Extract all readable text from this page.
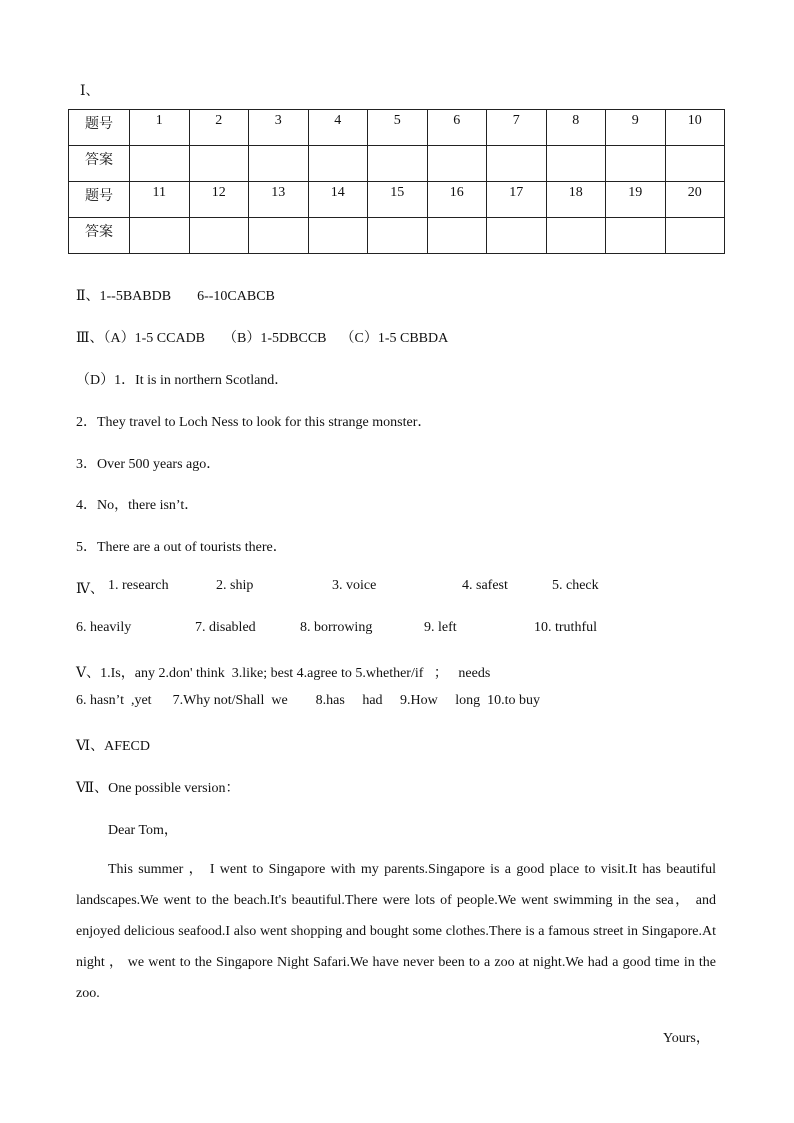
Ⅰ、
题号	1	2	3	4	5	6	7	8	9	10
答案										
题号	11	12	13	14	15	16	17	18	19	20
答案										
Ⅱ、1--5BABDB 6--10CABCB
Ⅲ、（A）1-5 CCADB （B）1-5DBCCB （C）1-5 CBBDA
（D）1．It is in northern Scotland．
2．They travel to Loch Ness to look for this strange monster．
3．Over 500 years ago．
4．No，there isn’t．
5．There are a out of tourists there．
Ⅳ、 1. research	2. ship	3. voice	4. safest	5. check
6. heavily	7. disabled	8. borrowing	9. left	10. truthful
Ⅴ、1.Is，any 2.don' think  3.like; best 4.agree to 5.whether/if   ；   needs
6. hasn’t  ,yet      7.Why not/Shall  we        8.has     had     9.How     long  10.to buy
Ⅵ、AFECD
Ⅶ、One possible version：
Dear Tom，
This summer ， I went to Singapore with my parents.Singapore is a good place to visit.It has beautiful landscapes.We went to the beach.It's beautiful.There were lots of people.We went swimming in the sea， and enjoyed delicious seafood.I also went shopping and bought some clothes.There is a famous street in Singapore.At night ， we went to the Singapore Night Safari.We have never been to a zoo at night.We had a good time in the zoo.
Yours，
